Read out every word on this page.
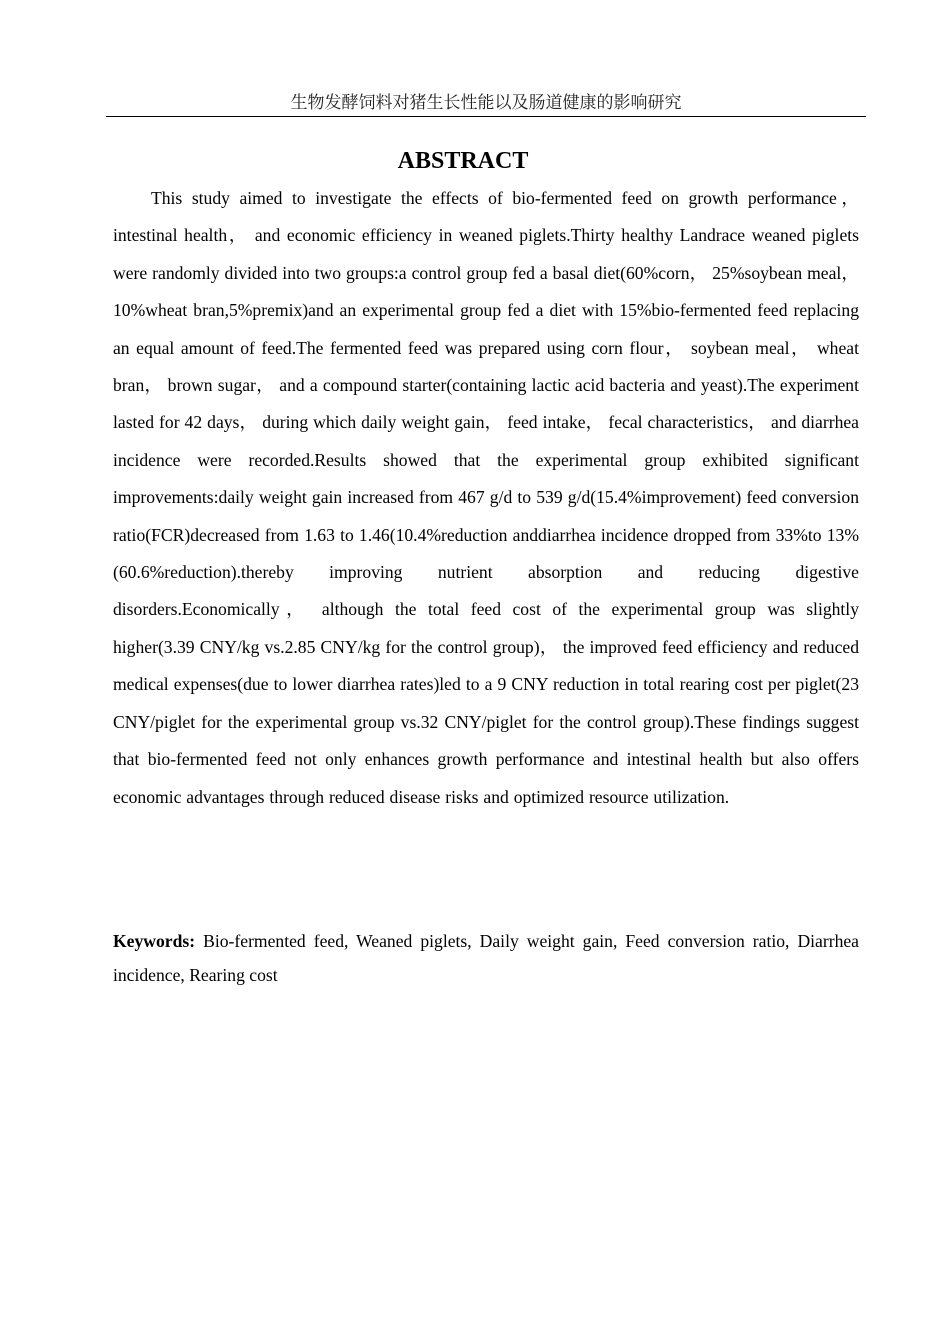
生物发酵饲料对猪生长性能以及肠道健康的影响研究
ABSTRACT

This study aimed to investigate the effects of bio-fermented feed on growth performance， intestinal health， and economic efficiency in weaned piglets.Thirty healthy Landrace weaned piglets were randomly divided into two groups:a control group fed a basal diet(60%corn， 25%soybean meal， 10%wheat bran,5%premix)and an experimental group fed a diet with 15%bio-fermented feed replacing an equal amount of feed.The fermented feed was prepared using corn flour， soybean meal， wheat bran， brown sugar， and a compound starter(containing lactic acid bacteria and yeast).The experiment lasted for 42 days， during which daily weight gain， feed intake， fecal characteristics， and diarrhea incidence were recorded.Results showed that the experimental group exhibited significant improvements:daily weight gain increased from 467 g/d to 539 g/d(15.4%improvement) feed conversion ratio(FCR)decreased from 1.63 to 1.46(10.4%reduction anddiarrhea incidence dropped from 33%to 13%(60.6%reduction).thereby improving nutrient absorption and reducing digestive disorders.Economically， although the total feed cost of the experimental group was slightly higher(3.39 CNY/kg vs.2.85 CNY/kg for the control group)， the improved feed efficiency and reduced medical expenses(due to lower diarrhea rates)led to a 9 CNY reduction in total rearing cost per piglet(23 CNY/piglet for the experimental group vs.32 CNY/piglet for the control group).These findings suggest that bio-fermented feed not only enhances growth performance and intestinal health but also offers economic advantages through reduced disease risks and optimized resource utilization.

Keywords: Bio-fermented feed, Weaned piglets, Daily weight gain, Feed conversion ratio, Diarrhea incidence, Rearing cost
